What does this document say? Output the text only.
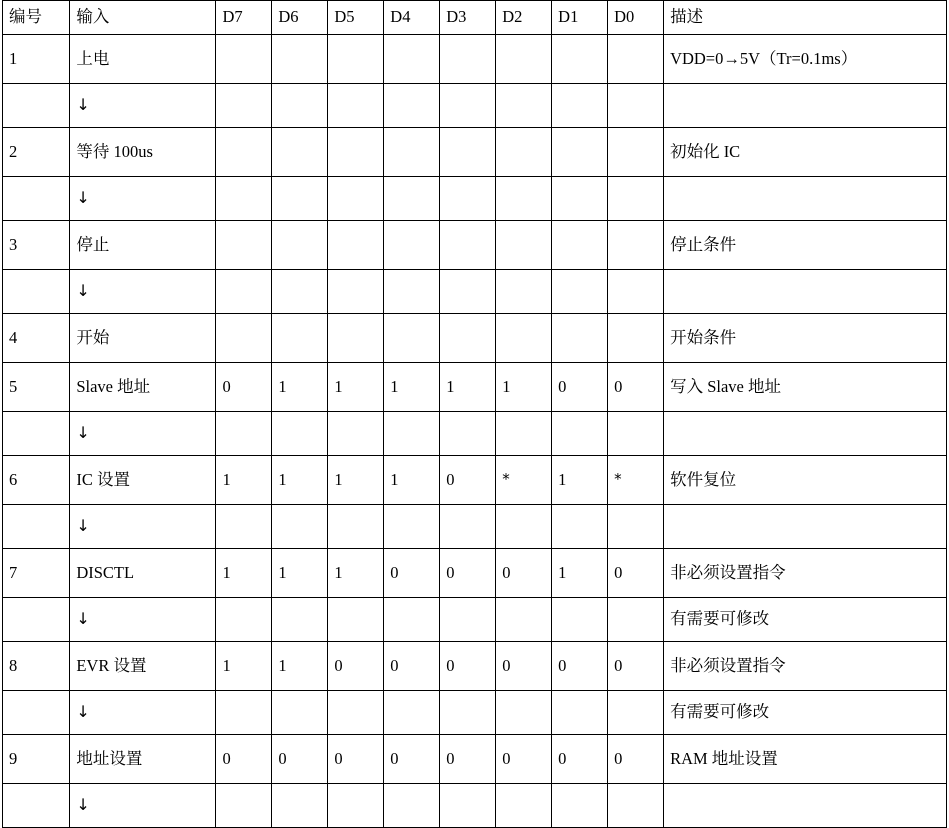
编号	输入	D7	D6	D5	D4	D3	D2	D1	D0	描述
1	上电									VDD=0→5V（Tr=0.1ms）
	↓									
2	等待 100us									初始化 IC
	↓									
3	停止									停止条件
	↓									
4	开始									开始条件
5	Slave 地址	0	1	1	1	1	1	0	0	写入 Slave 地址
	↓									
6	IC 设置	1	1	1	1	0	*	1	*	软件复位
	↓									
7	DISCTL	1	1	1	0	0	0	1	0	非必须设置指令
	↓									有需要可修改
8	EVR 设置	1	1	0	0	0	0	0	0	非必须设置指令
	↓									有需要可修改
9	地址设置	0	0	0	0	0	0	0	0	RAM 地址设置
	↓									
